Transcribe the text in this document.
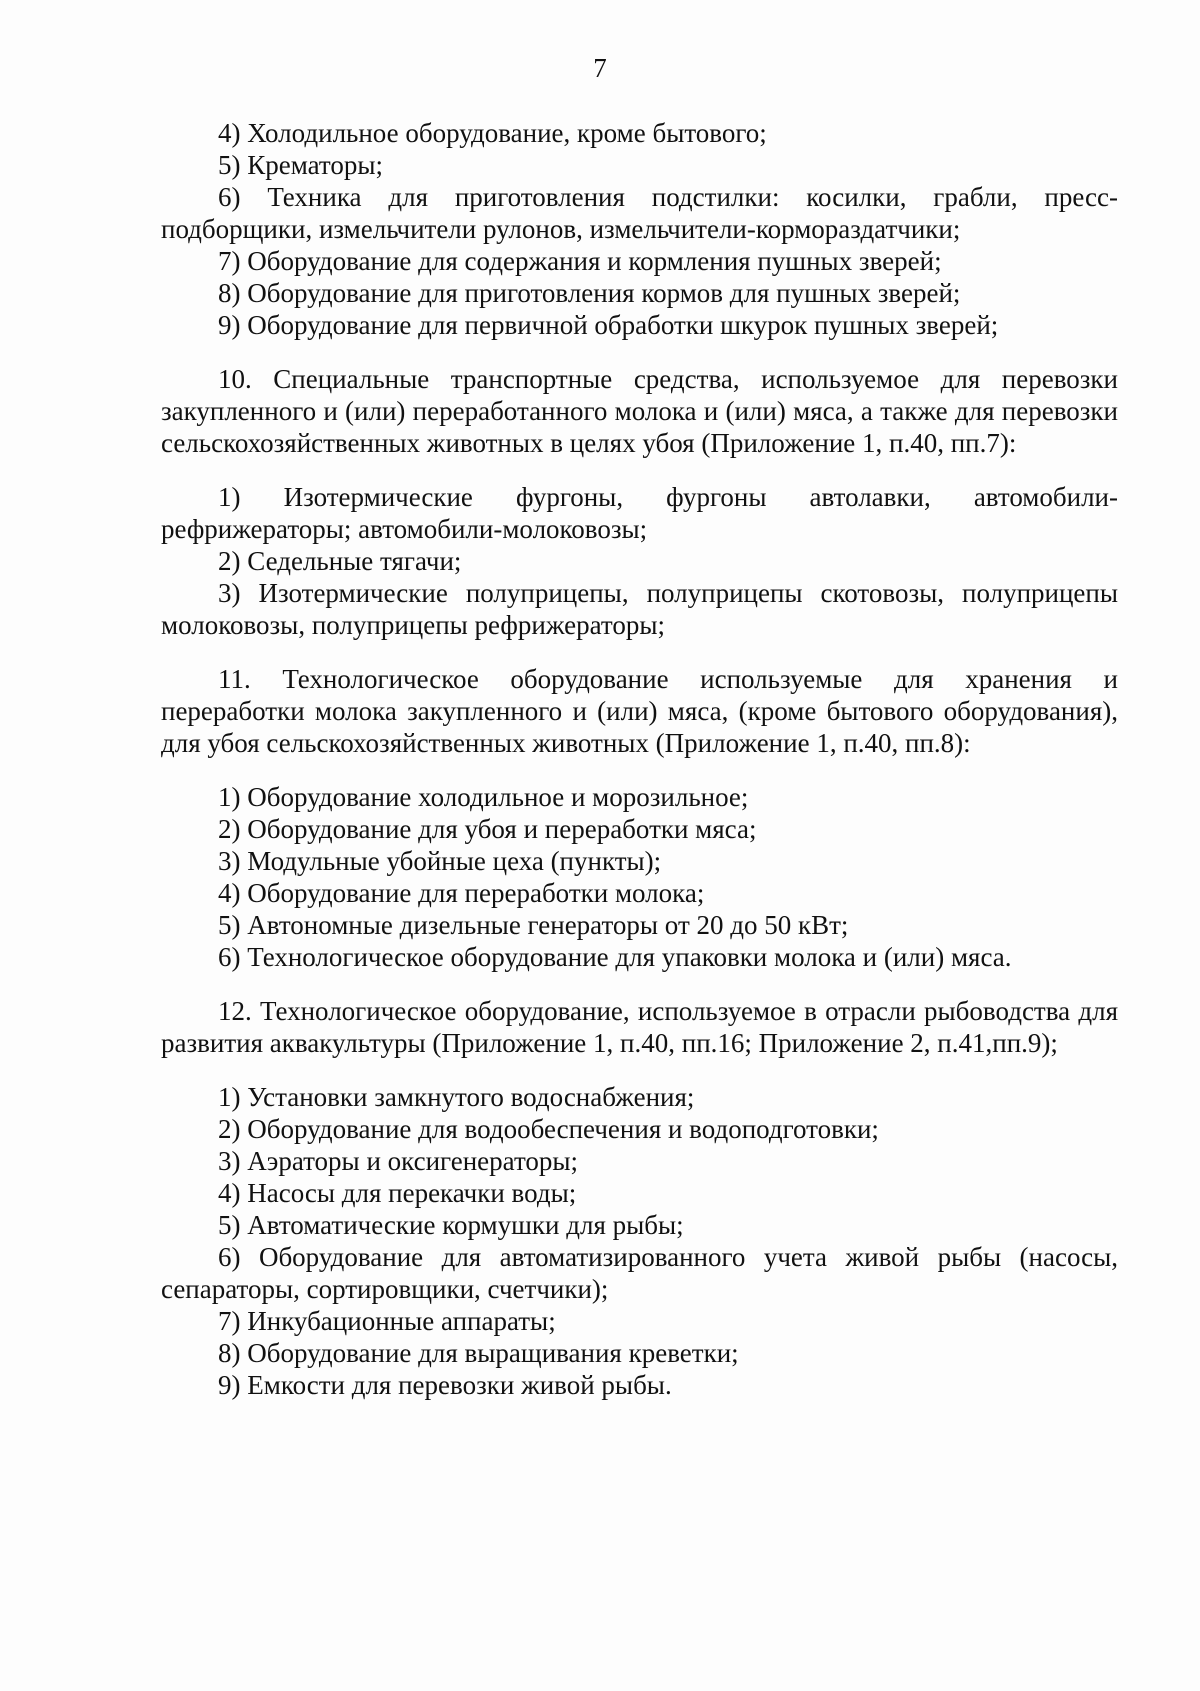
7

4) Холодильное оборудование, кроме бытового;

5) Крематоры;

6) Техника для приготовления подстилки: косилки, грабли, пресс-подборщики, измельчители рулонов, измельчители-кормораздатчики;

7) Оборудование для содержания и кормления пушных зверей;

8) Оборудование для приготовления кормов для пушных зверей;

9) Оборудование для первичной обработки шкурок пушных зверей;

10. Специальные транспортные средства, используемое для перевозки закупленного и (или) переработанного молока и (или) мяса, а также для перевозки сельскохозяйственных животных в целях убоя (Приложение 1, п.40, пп.7):

1) Изотермические фургоны, фургоны автолавки, автомобили-рефрижераторы; автомобили-молоковозы;

2) Седельные тягачи;

3) Изотермические полуприцепы, полуприцепы скотовозы, полуприцепы молоковозы, полуприцепы рефрижераторы;

11. Технологическое оборудование используемые для хранения и переработки молока закупленного и (или) мяса, (кроме бытового оборудования), для убоя сельскохозяйственных животных (Приложение 1, п.40, пп.8):

1) Оборудование холодильное и морозильное;

2) Оборудование для убоя и переработки мяса;

3) Модульные убойные цеха (пункты);

4) Оборудование для переработки молока;

5) Автономные дизельные генераторы от 20 до 50 кВт;

6) Технологическое оборудование для упаковки молока и (или) мяса.

12. Технологическое оборудование, используемое в отрасли рыбоводства для развития аквакультуры (Приложение 1, п.40, пп.16; Приложение 2, п.41,пп.9);

1) Установки замкнутого водоснабжения;

2) Оборудование для водообеспечения и водоподготовки;

3) Аэраторы и оксигенераторы;

4) Насосы для перекачки воды;

5) Автоматические кормушки для рыбы;

6) Оборудование для автоматизированного учета живой рыбы (насосы, сепараторы, сортировщики, счетчики);

7) Инкубационные аппараты;

8) Оборудование для выращивания креветки;

9) Емкости для перевозки живой рыбы.
